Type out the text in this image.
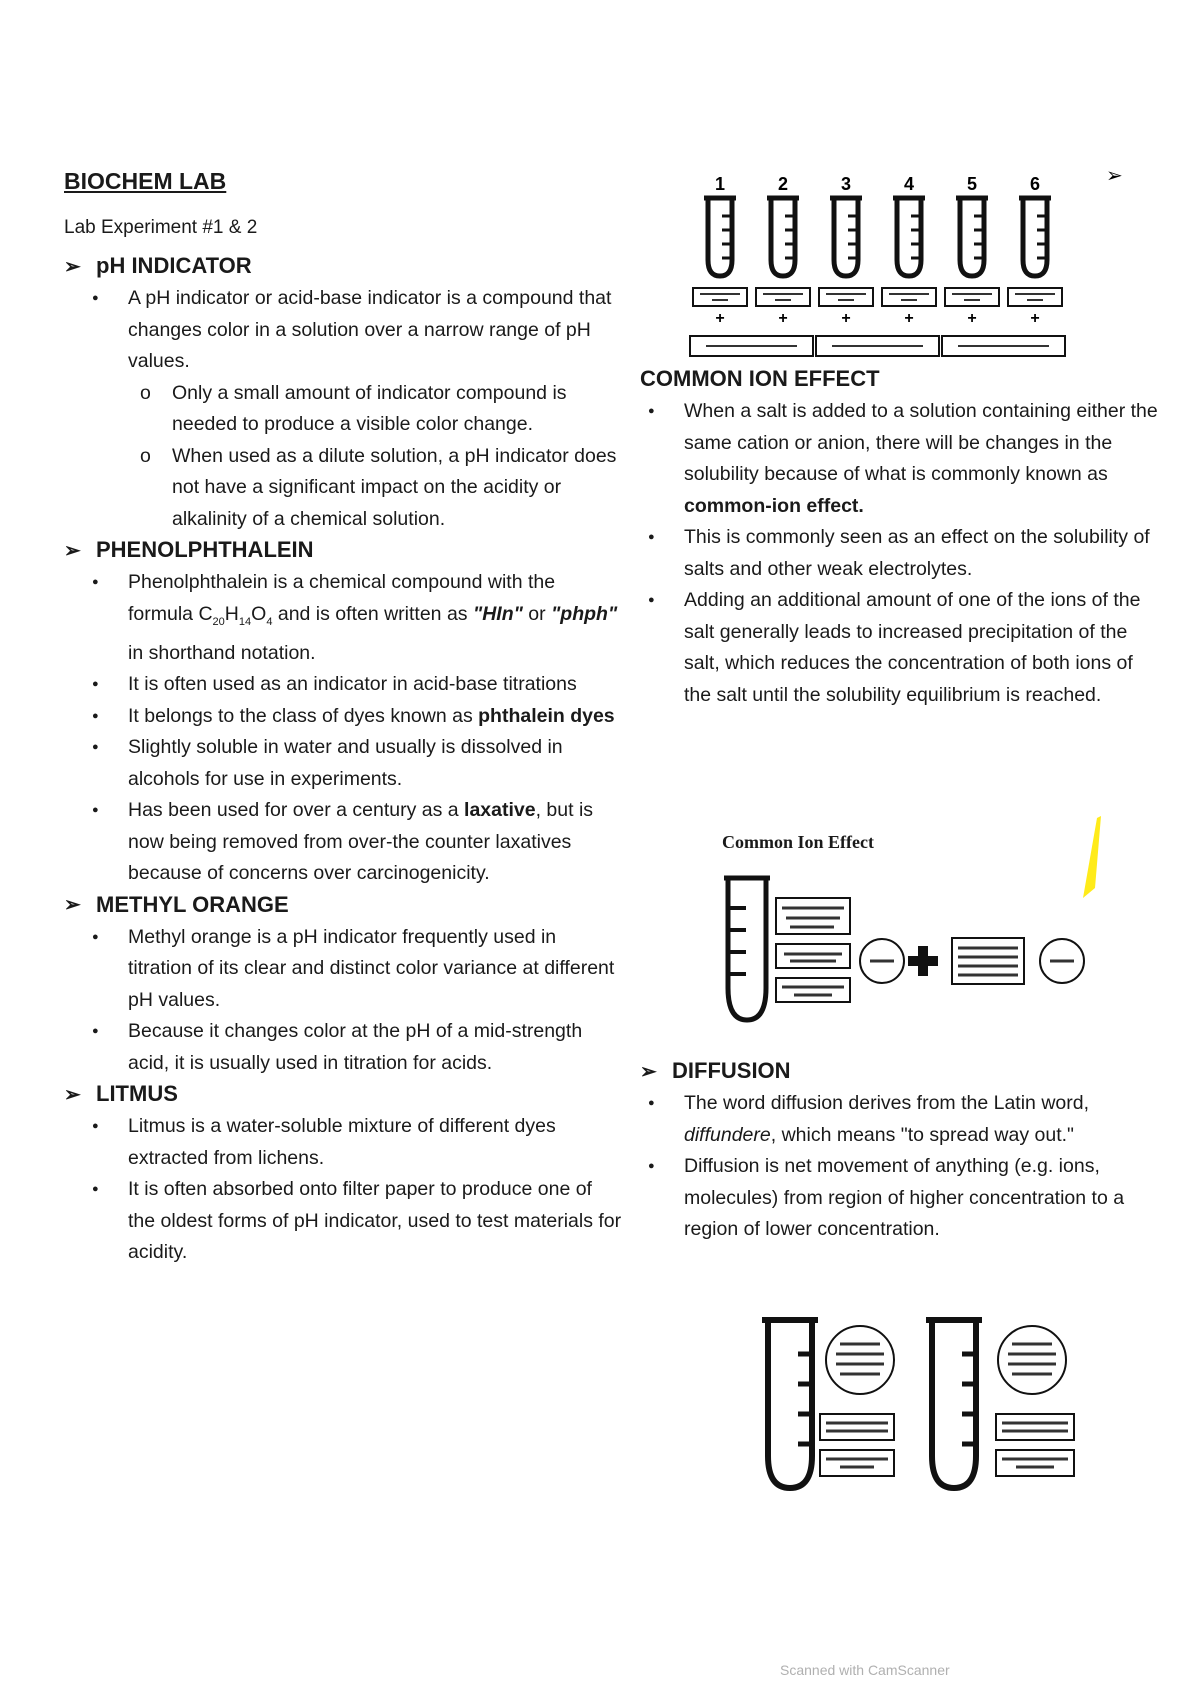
BIOCHEM LAB
Lab Experiment #1 & 2
➢ pH INDICATOR
● A pH indicator or acid-base indicator is a compound that changes color in a solution over a narrow range of pH values.
o Only a small amount of indicator compound is needed to produce a visible color change.
o When used as a dilute solution, a pH indicator does not have a significant impact on the acidity or alkalinity of a chemical solution.
➢ PHENOLPHTHALEIN
● Phenolphthalein is a chemical compound with the formula $C_{20}H_{14}O_4$ and is often written as "HIn" or "phph" in shorthand notation.
● It is often used as an indicator in acid-base titrations
● It belongs to the class of dyes known as phthalein dyes
● Slightly soluble in water and usually is dissolved in alcohols for use in experiments.
● Has been used for over a century as a laxative, but is now being removed from over-the counter laxatives because of concerns over carcinogenicity.
➢ METHYL ORANGE
● Methyl orange is a pH indicator frequently used in titration of its clear and distinct color variance at different pH values.
● Because it changes color at the pH of a mid-strength acid, it is usually used in titration for acids.
➢ LITMUS
● Litmus is a water-soluble mixture of different dyes extracted from lichens.
● It is often absorbed onto filter paper to produce one of the oldest forms of pH indicator, used to test materials for acidity.
1
+
2
+
3
+
4
+
5
+
6
+
➢
COMMON ION EFFECT
● When a salt is added to a solution containing either the same cation or anion, there will be changes in the solubility because of what is commonly known as common-ion effect.
● This is commonly seen as an effect on the solubility of salts and other weak electrolytes.
● Adding an additional amount of one of the ions of the salt generally leads to increased precipitation of the salt, which reduces the concentration of both ions of the salt until the solubility equilibrium is reached.
Common Ion Effect
➢ DIFFUSION
● The word diffusion derives from the Latin word, diffundere, which means "to spread way out."
● Diffusion is net movement of anything (e.g. ions, molecules) from region of higher concentration to a region of lower concentration.
Scanned with CamScanner
